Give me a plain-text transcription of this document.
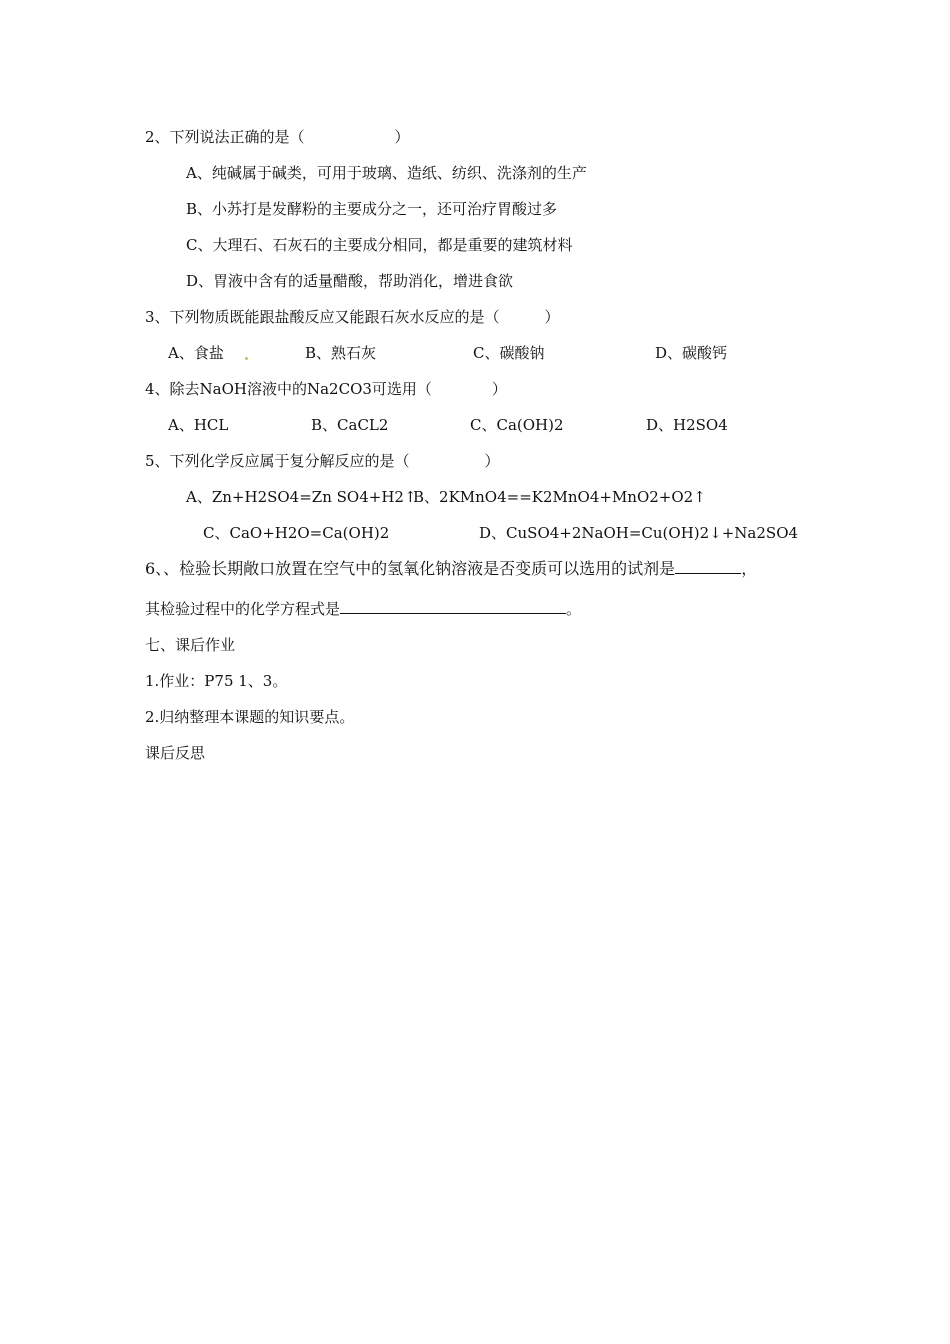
2、下列说法正确的是（　　　　　　）
A、纯碱属于碱类，可用于玻璃、造纸、纺织、洗涤剂的生产
B、小苏打是发酵粉的主要成分之一，还可治疗胃酸过多
C、大理石、石灰石的主要成分相同，都是重要的建筑材料
D、胃液中含有的适量醋酸，帮助消化，增进食欲
3、下列物质既能跟盐酸反应又能跟石灰水反应的是（　　　）
A、食盐	B、熟石灰	C、碳酸钠	D、碳酸钙
4、除去NaOH溶液中的Na2CO3可选用（　　　　）
A、HCL	B、CaCL2	C、Ca(OH)2	D、H2SO4
5、下列化学反应属于复分解反应的是（　　　　　）
A、Zn+H2SO4=Zn SO4+H2↑
B、2KMnO4==K2MnO4+MnO2+O2↑
C、CaO+H2O=Ca(OH)2	D、CuSO4+2NaOH=Cu(OH)2↓+Na2SO4
6、、检验长期敞口放置在空气中的氢氧化钠溶液是否变质可以选用的试剂是	，
其检验过程中的化学方程式是	。
七、课后作业
1.作业：P75 1、3。
2.归纳整理本课题的知识要点。
课后反思
